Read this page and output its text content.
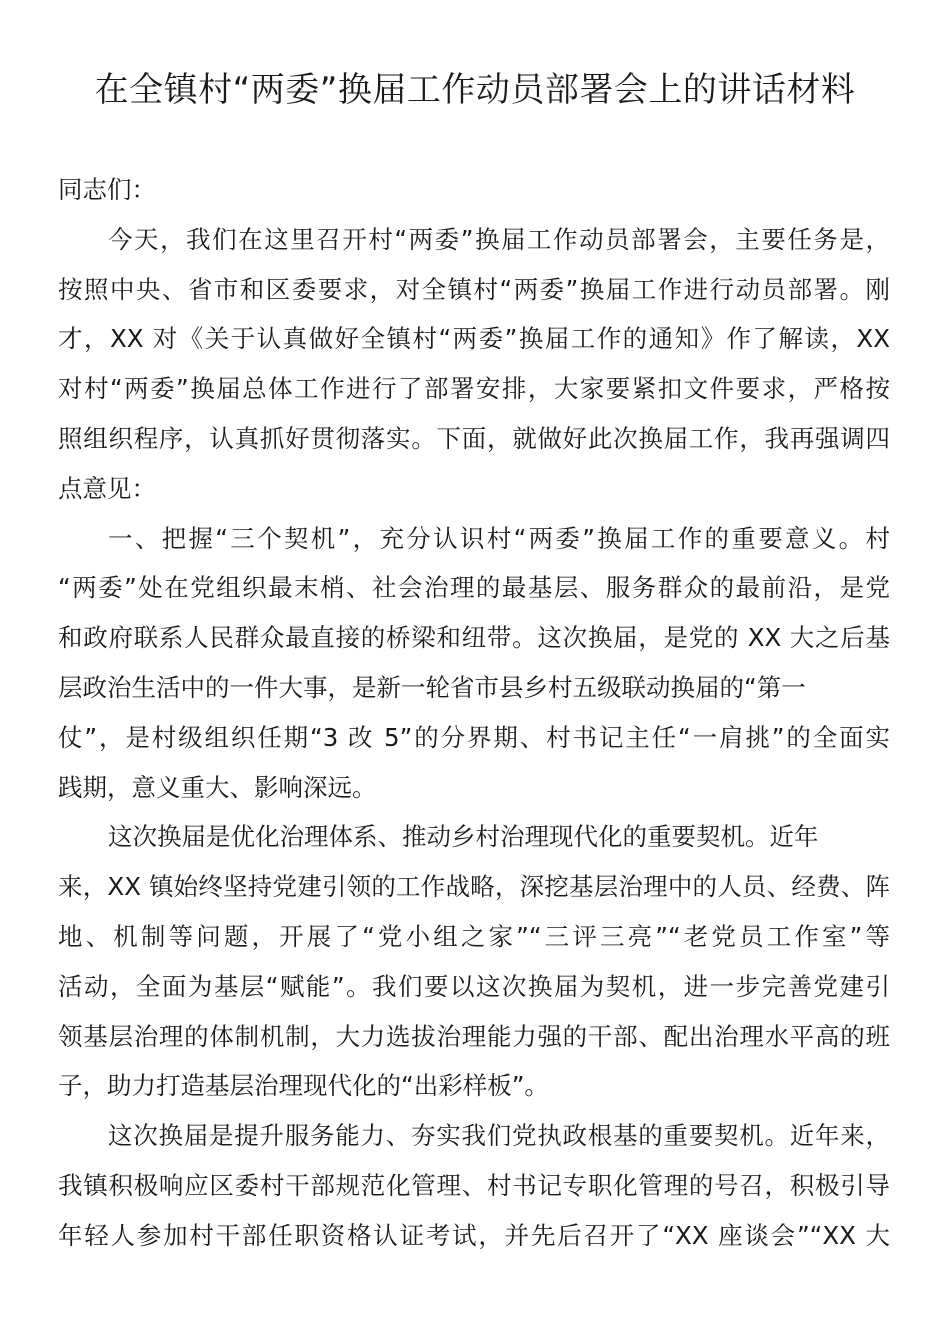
在全镇村“两委”换届工作动员部署会上的讲话材料
同志们：
今天，我们在这里召开村“两委”换届工作动员部署会，主要任务是，
按照中央、省市和区委要求，对全镇村“两委”换届工作进行动员部署。刚
才，XX 对《关于认真做好全镇村“两委”换届工作的通知》作了解读，XX
对村“两委”换届总体工作进行了部署安排，大家要紧扣文件要求，严格按
照组织程序，认真抓好贯彻落实。下面，就做好此次换届工作，我再强调四
点意见：
一、把握“三个契机”，充分认识村“两委”换届工作的重要意义。村
“两委”处在党组织最末梢、社会治理的最基层、服务群众的最前沿，是党
和政府联系人民群众最直接的桥梁和纽带。这次换届，是党的 XX 大之后基
层政治生活中的一件大事，是新一轮省市县乡村五级联动换届的“第一
仗”，是村级组织任期“3 改 5”的分界期、村书记主任“一肩挑”的全面实
践期，意义重大、影响深远。
这次换届是优化治理体系、推动乡村治理现代化的重要契机。近年
来，XX 镇始终坚持党建引领的工作战略，深挖基层治理中的人员、经费、阵
地、机制等问题，开展了“党小组之家”“三评三亮”“老党员工作室”等
活动，全面为基层“赋能”。我们要以这次换届为契机，进一步完善党建引
领基层治理的体制机制，大力选拔治理能力强的干部、配出治理水平高的班
子，助力打造基层治理现代化的“出彩样板”。
这次换届是提升服务能力、夯实我们党执政根基的重要契机。近年来，
我镇积极响应区委村干部规范化管理、村书记专职化管理的号召，积极引导
年轻人参加村干部任职资格认证考试，并先后召开了“XX 座谈会”“XX 大
